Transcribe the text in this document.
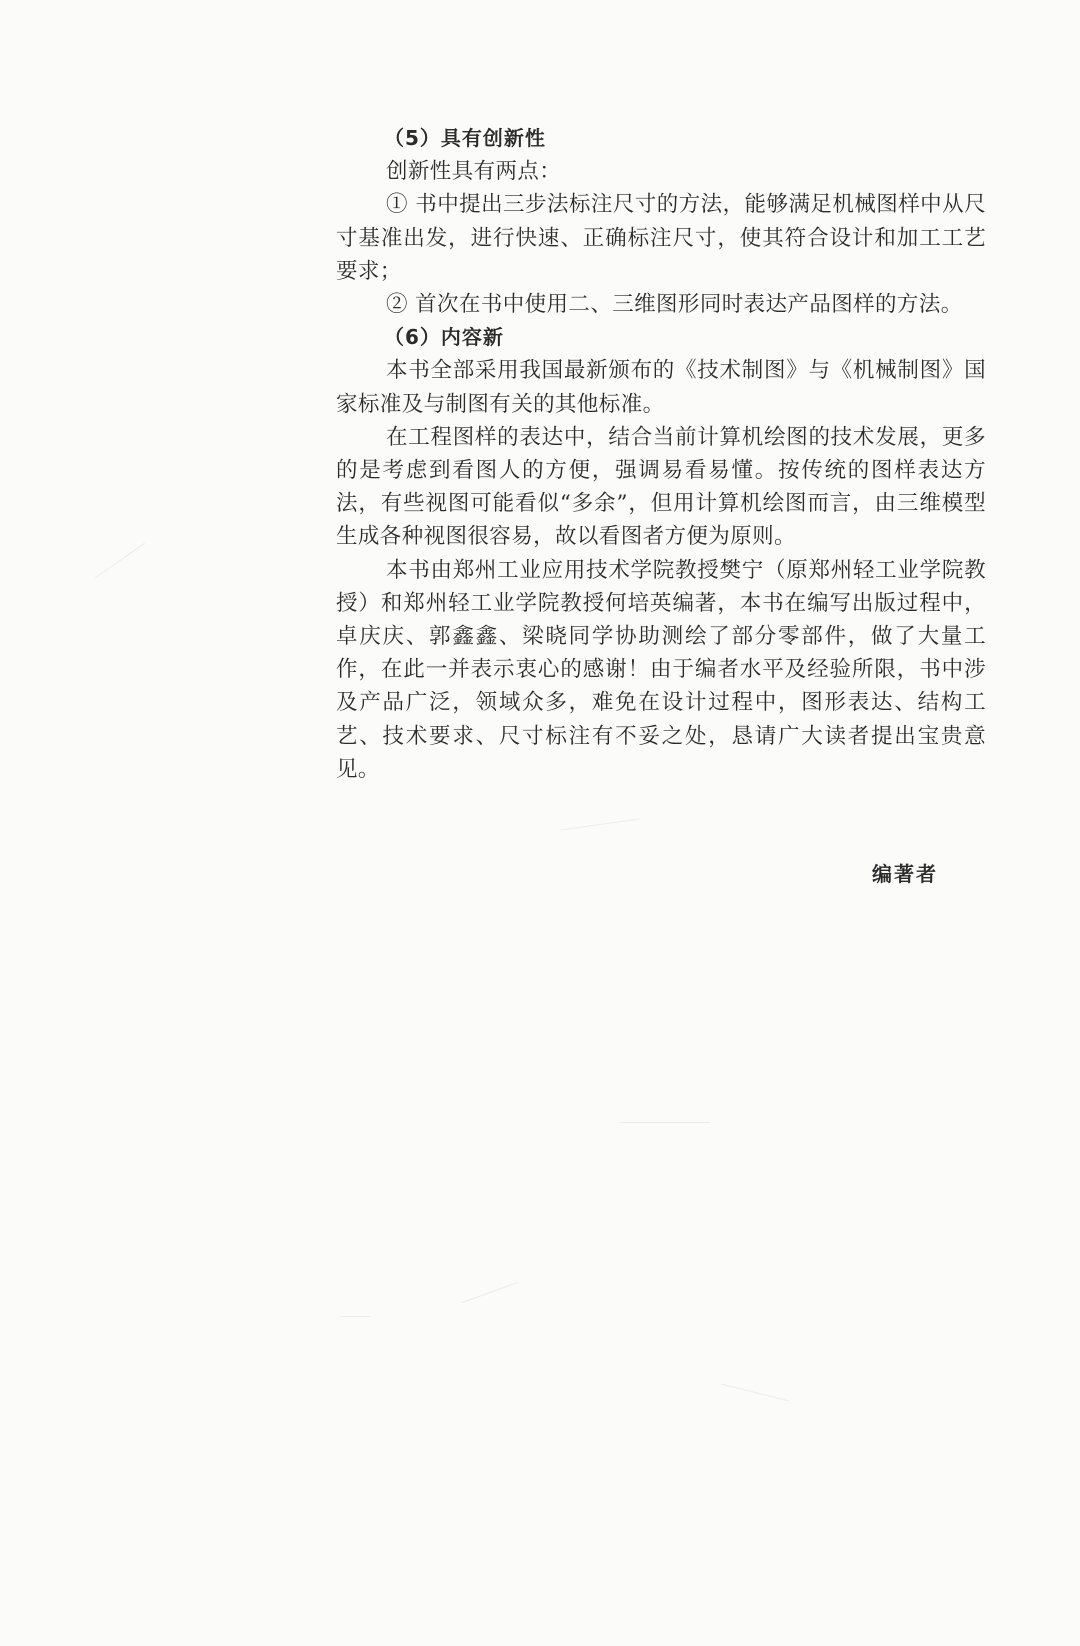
（5）具有创新性

创新性具有两点：

① 书中提出三步法标注尺寸的方法，能够满足机械图样中从尺寸基准出发，进行快速、正确标注尺寸，使其符合设计和加工工艺要求；

② 首次在书中使用二、三维图形同时表达产品图样的方法。

（6）内容新

本书全部采用我国最新颁布的《技术制图》与《机械制图》国家标准及与制图有关的其他标准。

在工程图样的表达中，结合当前计算机绘图的技术发展，更多的是考虑到看图人的方便，强调易看易懂。按传统的图样表达方法，有些视图可能看似“多余”，但用计算机绘图而言，由三维模型生成各种视图很容易，故以看图者方便为原则。

本书由郑州工业应用技术学院教授樊宁（原郑州轻工业学院教授）和郑州轻工业学院教授何培英编著，本书在编写出版过程中，卓庆庆、郭鑫鑫、梁晓同学协助测绘了部分零部件，做了大量工作，在此一并表示衷心的感谢！由于编者水平及经验所限，书中涉及产品广泛，领域众多，难免在设计过程中，图形表达、结构工艺、技术要求、尺寸标注有不妥之处，恳请广大读者提出宝贵意见。

编著者
